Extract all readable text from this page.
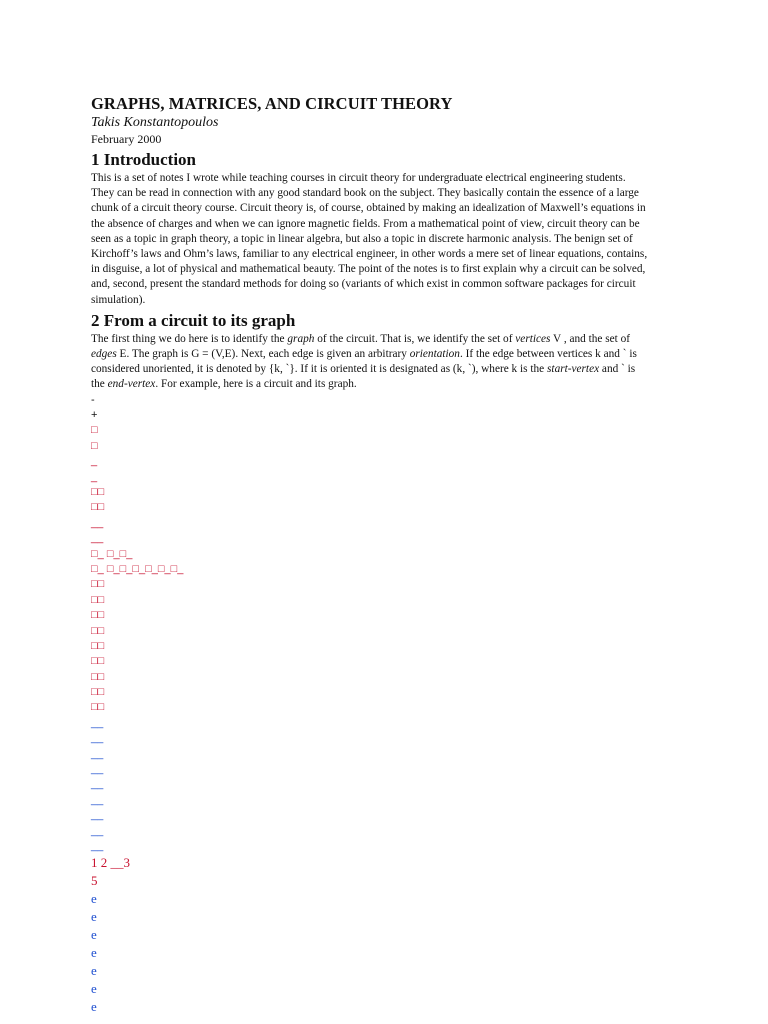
GRAPHS, MATRICES, AND CIRCUIT THEORY

Takis Konstantopoulos

February 2000

1 Introduction

This is a set of notes I wrote while teaching courses in circuit theory for undergraduate electrical engineering students. They can be read in connection with any good standard book on the subject. They basically contain the essence of a large chunk of a circuit theory course. Circuit theory is, of course, obtained by making an idealization of Maxwell’s equations in the absence of charges and when we can ignore magnetic fields. From a mathematical point of view, circuit theory can be seen as a topic in graph theory, a topic in linear algebra, but also a topic in discrete harmonic analysis. The benign set of Kirchoff’s laws and Ohm’s laws, familiar to any electrical engineer, in other words a mere set of linear equations, contains, in disguise, a lot of physical and mathematical beauty. The point of the notes is to first explain why a circuit can be solved, and, second, present the standard methods for doing so (variants of which exist in common software packages for circuit simulation).

2 From a circuit to its graph

The first thing we do here is to identify the graph of the circuit. That is, we identify the set of vertices V , and the set of edges E. The graph is G = (V,E). Next, each edge is given an arbitrary orientation. If the edge between vertices k and ` is considered unoriented, it is denoted by {k, `}. If it is oriented it is designated as (k, `), where k is the start-vertex and ` is the end-vertex. For example, here is a circuit and its graph.

-
+
□
□
_
_
□□
□□
__
__
□_ □_□_
□_ □_□_□_□_□_□_
□□
□□
□□
□□
□□
□□
□□
□□
□□
__
__
__
__
__
__
__
__
__
1 2 __3
5
e
e
e
e
e
e
e
